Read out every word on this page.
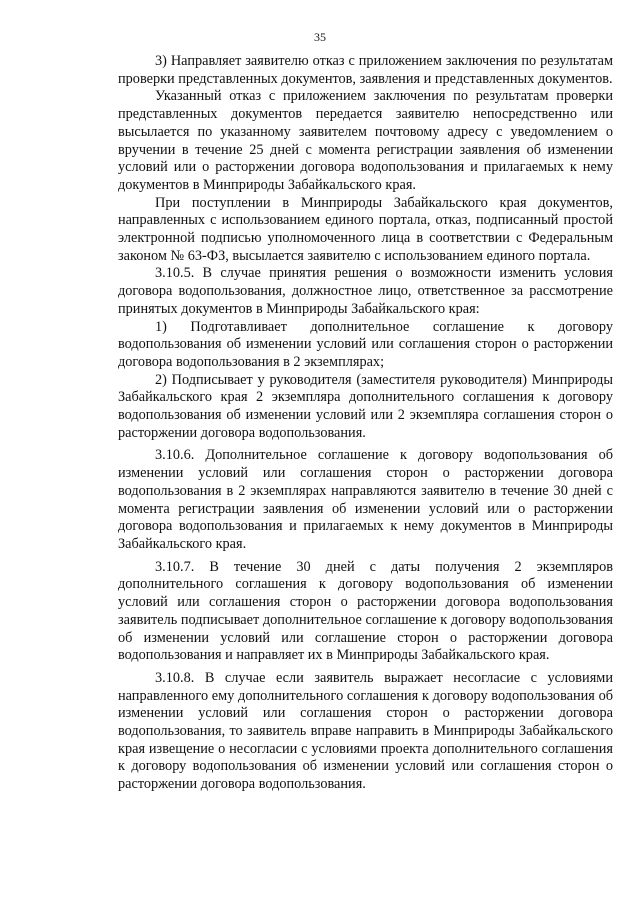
35

3) Направляет заявителю отказ с приложением заключения по результатам проверки представленных документов, заявления и представленных документов.

Указанный отказ с приложением заключения по результатам проверки представленных документов передается заявителю непосредственно или высылается по указанному заявителем почтовому адресу с уведомлением о вручении в течение 25 дней с момента регистрации заявления об изменении условий или о расторжении договора водопользования и прилагаемых к нему документов в Минприроды Забайкальского края.

При поступлении в Минприроды Забайкальского края документов, направленных с использованием единого портала, отказ, подписанный простой электронной подписью уполномоченного лица в соответствии с Федеральным законом № 63-ФЗ, высылается заявителю с использованием единого портала.

3.10.5. В случае принятия решения о возможности изменить условия договора водопользования, должностное лицо, ответственное за рассмотрение принятых документов в Минприроды Забайкальского края:

1) Подготавливает дополнительное соглашение к договору водопользования об изменении условий или соглашения сторон о расторжении договора водопользования в 2 экземплярах;

2) Подписывает у руководителя (заместителя руководителя) Минприроды Забайкальского края 2 экземпляра дополнительного соглашения к договору водопользования об изменении условий или 2 экземпляра соглашения сторон о расторжении договора водопользования.

3.10.6. Дополнительное соглашение к договору водопользования об изменении условий или соглашения сторон о расторжении договора водопользования в 2 экземплярах направляются заявителю в течение 30 дней с момента регистрации заявления об изменении условий или о расторжении договора водопользования и прилагаемых к нему документов в Минприроды Забайкальского края.

3.10.7. В течение 30 дней с даты получения 2 экземпляров дополнительного соглашения к договору водопользования об изменении условий или соглашения сторон о расторжении договора водопользования заявитель подписывает дополнительное соглашение к договору водопользования об изменении условий или соглашение сторон о расторжении договора водопользования и направляет их в Минприроды Забайкальского края.

3.10.8. В случае если заявитель выражает несогласие с условиями направленного ему дополнительного соглашения к договору водопользования об изменении условий или соглашения сторон о расторжении договора водопользования, то заявитель вправе направить в Минприроды Забайкальского края извещение о несогласии с условиями проекта дополнительного соглашения к договору водопользования об изменении условий или соглашения сторон о расторжении договора водопользования.
